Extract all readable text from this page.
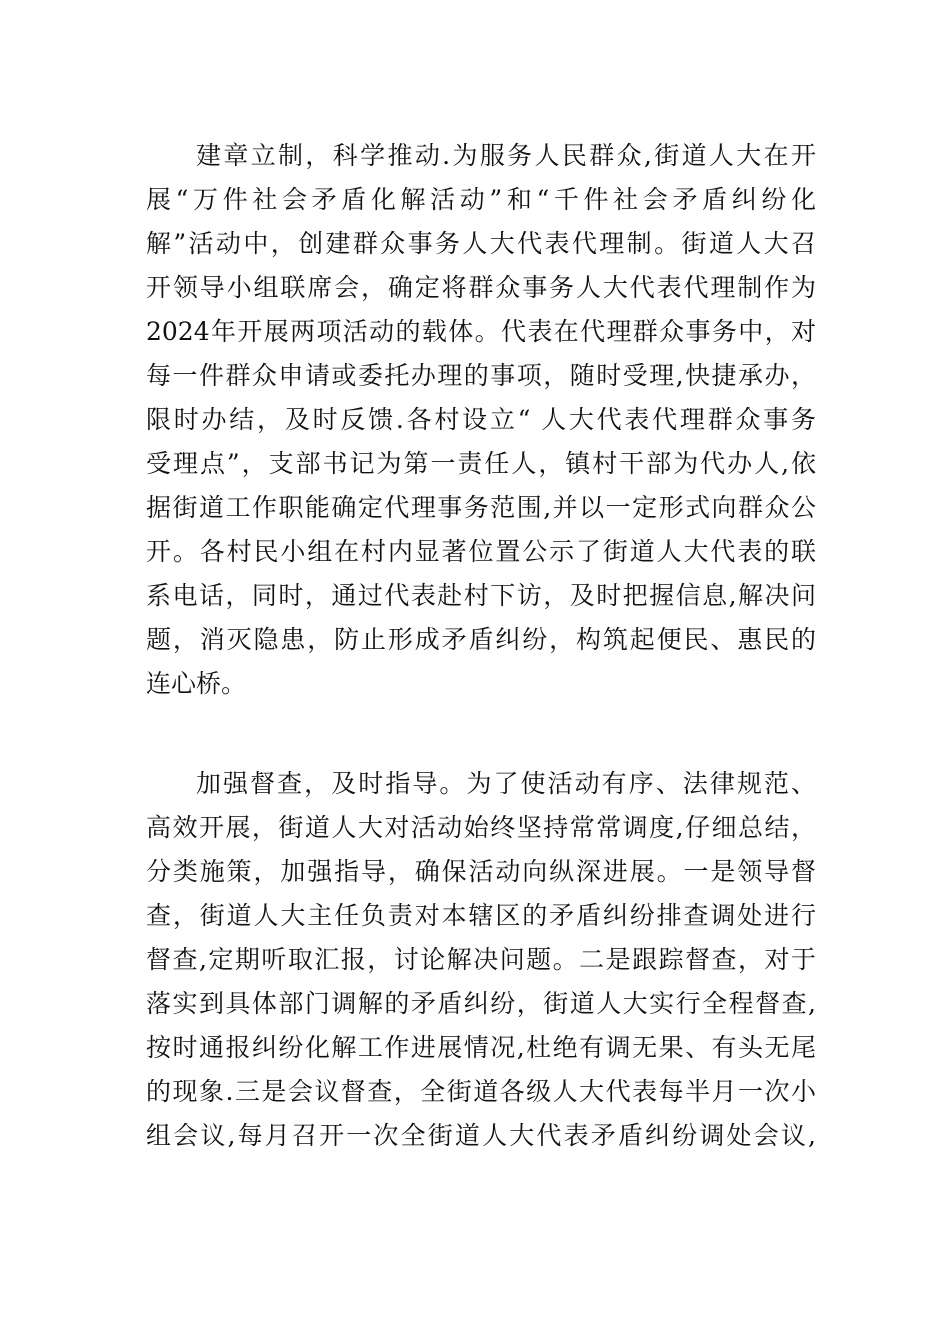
建章立制，科学推动.为服务人民群众,街道人大在开
展“万件社会矛盾化解活动”和“千件社会矛盾纠纷化
解”活动中，创建群众事务人大代表代理制。街道人大召
开领导小组联席会，确定将群众事务人大代表代理制作为
2024年开展两项活动的载体。代表在代理群众事务中，对
每一件群众申请或委托办理的事项，随时受理,快捷承办，
限时办结，及时反馈.各村设立“ 人大代表代理群众事务
受理点”，支部书记为第一责任人，镇村干部为代办人,依
据街道工作职能确定代理事务范围,并以一定形式向群众公
开。各村民小组在村内显著位置公示了街道人大代表的联
系电话，同时，通过代表赴村下访，及时把握信息,解决问
题，消灭隐患，防止形成矛盾纠纷，构筑起便民、惠民的
连心桥。
加强督查，及时指导。为了使活动有序、法律规范、
高效开展，街道人大对活动始终坚持常常调度,仔细总结，
分类施策，加强指导，确保活动向纵深进展。一是领导督
查，街道人大主任负责对本辖区的矛盾纠纷排查调处进行
督查,定期听取汇报，讨论解决问题。二是跟踪督查，对于
落实到具体部门调解的矛盾纠纷，街道人大实行全程督查,
按时通报纠纷化解工作进展情况,杜绝有调无果、有头无尾
的现象.三是会议督查，全街道各级人大代表每半月一次小
组会议,每月召开一次全街道人大代表矛盾纠纷调处会议,
